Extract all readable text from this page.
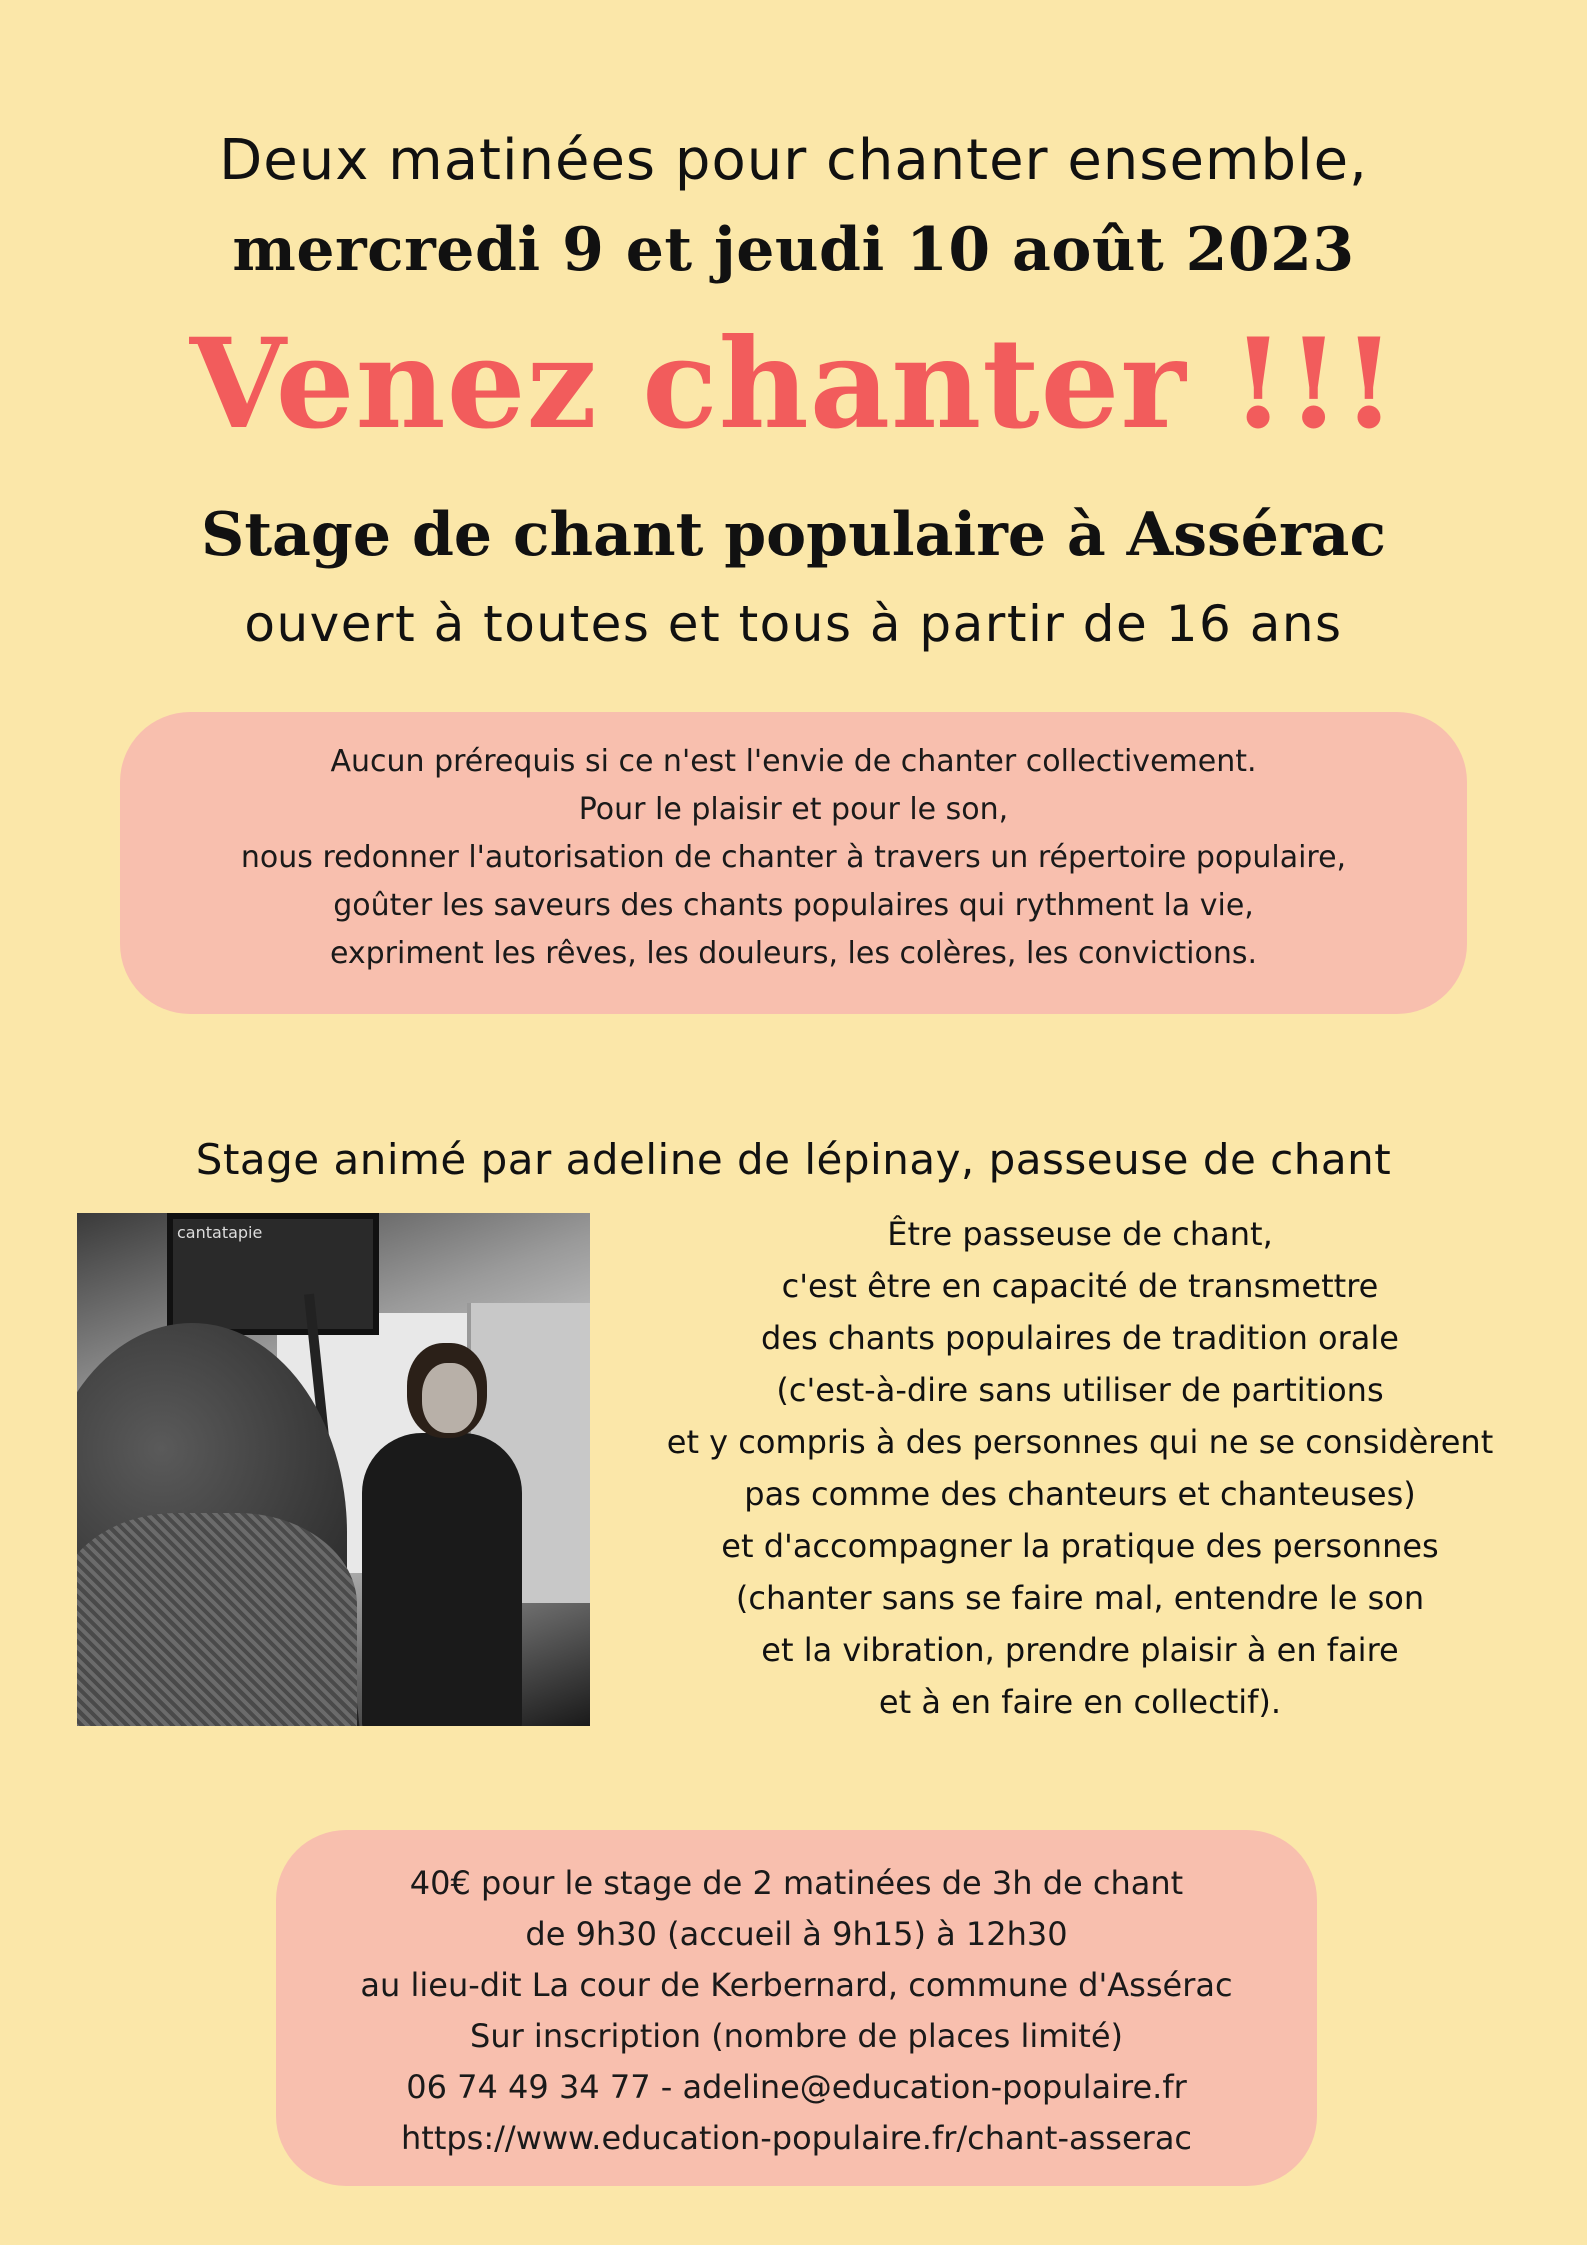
Deux matinées pour chanter ensemble,
mercredi 9 et jeudi 10 août 2023
Venez chanter !!!
Stage de chant populaire à Assérac
ouvert à toutes et tous à partir de 16 ans
Aucun prérequis si ce n'est l'envie de chanter collectivement.
Pour le plaisir et pour le son,
nous redonner l'autorisation de chanter à travers un répertoire populaire,
goûter les saveurs des chants populaires qui rythment la vie,
expriment les rêves, les douleurs, les colères, les convictions.
Stage animé par adeline de lépinay, passeuse de chant
cantatapie	Être passeuse de chant,
c'est être en capacité de transmettre
des chants populaires de tradition orale
(c'est-à-dire sans utiliser de partitions
et y compris à des personnes qui ne se considèrent
pas comme des chanteurs et chanteuses)
et d'accompagner la pratique des personnes
(chanter sans se faire mal, entendre le son
et la vibration, prendre plaisir à en faire
et à en faire en collectif).
40€ pour le stage de 2 matinées de 3h de chant
de 9h30 (accueil à 9h15) à 12h30
au lieu-dit La cour de Kerbernard, commune d'Assérac
Sur inscription (nombre de places limité)
06 74 49 34 77 - adeline@education-populaire.fr
https://www.education-populaire.fr/chant-asserac
